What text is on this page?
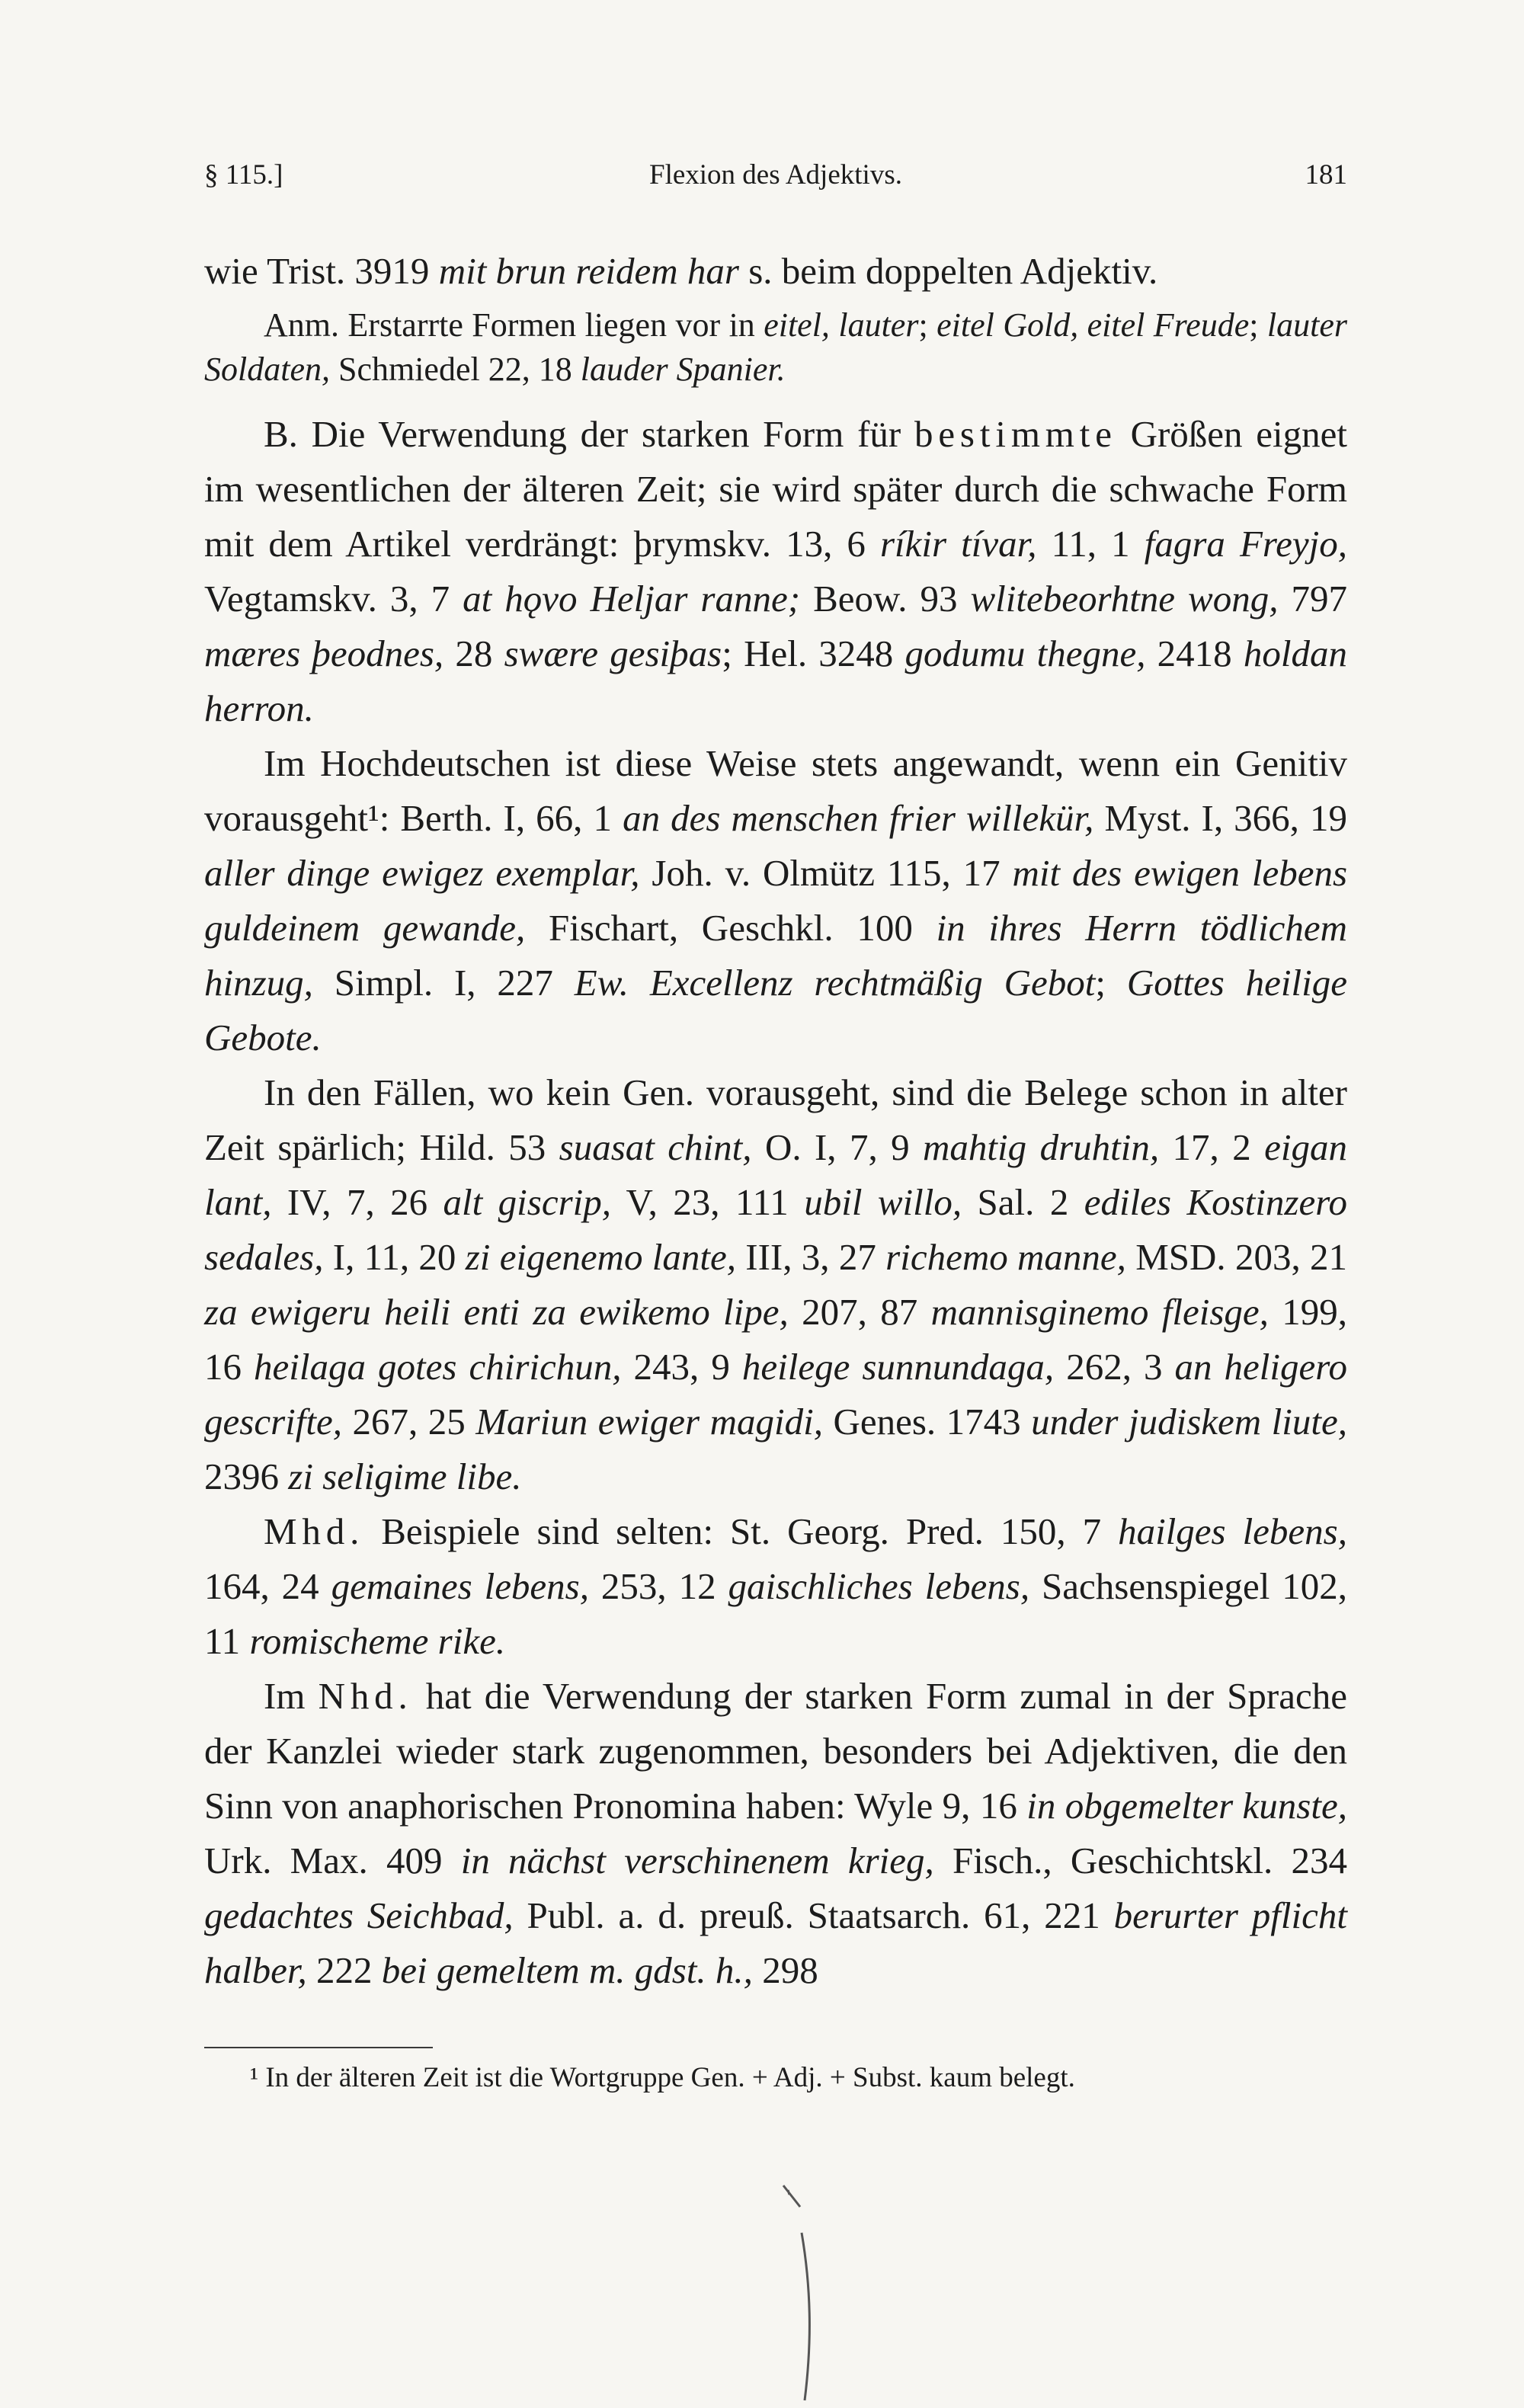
§ 115.]	Flexion des Adjektivs.	181

wie Trist. 3919 mit brun reidem har s. beim doppelten Adjektiv.

Anm. Erstarrte Formen liegen vor in eitel, lauter; eitel Gold, eitel Freude; lauter Soldaten, Schmiedel 22, 18 lauder Spanier.

B. Die Verwendung der starken Form für bestimmte Größen eignet im wesentlichen der älteren Zeit; sie wird später durch die schwache Form mit dem Artikel verdrängt: þrymskv. 13, 6 ríkir tívar, 11, 1 fagra Freyjo, Vegtamskv. 3, 7 at hǫvo Heljar ranne; Beow. 93 wlitebeorhtne wong, 797 mæres þeodnes, 28 swære gesiþas; Hel. 3248 godumu thegne, 2418 holdan herron.

Im Hochdeutschen ist diese Weise stets angewandt, wenn ein Genitiv vorausgeht¹: Berth. I, 66, 1 an des menschen frier willekür, Myst. I, 366, 19 aller dinge ewigez exemplar, Joh. v. Olmütz 115, 17 mit des ewigen lebens guldeinem gewande, Fischart, Geschkl. 100 in ihres Herrn tödlichem hinzug, Simpl. I, 227 Ew. Excellenz rechtmäßig Gebot; Gottes heilige Gebote.

In den Fällen, wo kein Gen. vorausgeht, sind die Belege schon in alter Zeit spärlich; Hild. 53 suasat chint, O. I, 7, 9 mahtig druhtin, 17, 2 eigan lant, IV, 7, 26 alt giscrip, V, 23, 111 ubil willo, Sal. 2 ediles Kostinzero sedales, I, 11, 20 zi eigenemo lante, III, 3, 27 richemo manne, MSD. 203, 21 za ewigeru heili enti za ewikemo lipe, 207, 87 mannisginemo fleisge, 199, 16 heilaga gotes chirichun, 243, 9 heilege sunnundaga, 262, 3 an heligero gescrifte, 267, 25 Mariun ewiger magidi, Genes. 1743 under judiskem liute, 2396 zi seligime libe.

Mhd. Beispiele sind selten: St. Georg. Pred. 150, 7 hailges lebens, 164, 24 gemaines lebens, 253, 12 gaischliches lebens, Sachsenspiegel 102, 11 romischeme rike.

Im Nhd. hat die Verwendung der starken Form zumal in der Sprache der Kanzlei wieder stark zugenommen, besonders bei Adjektiven, die den Sinn von anaphorischen Pronomina haben: Wyle 9, 16 in obgemelter kunste, Urk. Max. 409 in nächst verschinenem krieg, Fisch., Geschichtskl. 234 gedachtes Seichbad, Publ. a. d. preuß. Staatsarch. 61, 221 berurter pflicht halber, 222 bei gemeltem m. gdst. h., 298

¹ In der älteren Zeit ist die Wortgruppe Gen. + Adj. + Subst. kaum belegt.
